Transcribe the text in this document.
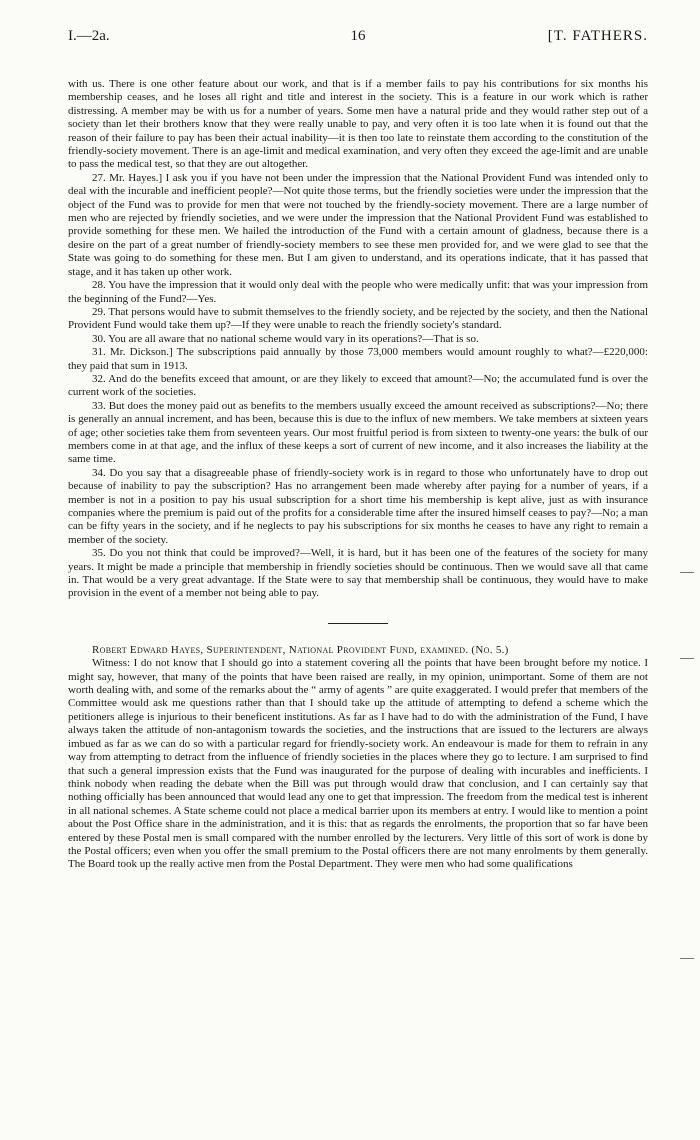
I.—2a.	16	[T. FATHERS.

with us. There is one other feature about our work, and that is if a member fails to pay his contributions for six months his membership ceases, and he loses all right and title and interest in the society. This is a feature in our work which is rather distressing. A member may be with us for a number of years. Some men have a natural pride and they would rather step out of a society than let their brothers know that they were really unable to pay, and very often it is too late when it is found out that the reason of their failure to pay has been their actual inability—it is then too late to reinstate them according to the constitution of the friendly-society movement. There is an age-limit and medical examination, and very often they exceed the age-limit and are unable to pass the medical test, so that they are out altogether.

27. Mr. Hayes.] I ask you if you have not been under the impression that the National Provident Fund was intended only to deal with the incurable and inefficient people?—Not quite those terms, but the friendly societies were under the impression that the object of the Fund was to provide for men that were not touched by the friendly-society movement. There are a large number of men who are rejected by friendly societies, and we were under the impression that the National Provident Fund was established to provide something for these men. We hailed the introduction of the Fund with a certain amount of gladness, because there is a desire on the part of a great number of friendly-society members to see these men provided for, and we were glad to see that the State was going to do something for these men. But I am given to understand, and its operations indicate, that it has passed that stage, and it has taken up other work.

28. You have the impression that it would only deal with the people who were medically unfit: that was your impression from the beginning of the Fund?—Yes.

29. That persons would have to submit themselves to the friendly society, and be rejected by the society, and then the National Provident Fund would take them up?—If they were unable to reach the friendly society's standard.

30. You are all aware that no national scheme would vary in its operations?—That is so.

31. Mr. Dickson.] The subscriptions paid annually by those 73,000 members would amount roughly to what?—£220,000: they paid that sum in 1913.

32. And do the benefits exceed that amount, or are they likely to exceed that amount?—No; the accumulated fund is over the current work of the societies.

33. But does the money paid out as benefits to the members usually exceed the amount received as subscriptions?—No; there is generally an annual increment, and has been, because this is due to the influx of new members. We take members at sixteen years of age; other societies take them from seventeen years. Our most fruitful period is from sixteen to twenty-one years: the bulk of our members come in at that age, and the influx of these keeps a sort of current of new income, and it also increases the liability at the same time.

34. Do you say that a disagreeable phase of friendly-society work is in regard to those who unfortunately have to drop out because of inability to pay the subscription? Has no arrangement been made whereby after paying for a number of years, if a member is not in a position to pay his usual subscription for a short time his membership is kept alive, just as with insurance companies where the premium is paid out of the profits for a considerable time after the insured himself ceases to pay?—No; a man can be fifty years in the society, and if he neglects to pay his subscriptions for six months he ceases to have any right to remain a member of the society.

35. Do you not think that could be improved?—Well, it is hard, but it has been one of the features of the society for many years. It might be made a principle that membership in friendly societies should be continuous. Then we would save all that came in. That would be a very great advantage. If the State were to say that membership shall be continuous, they would have to make provision in the event of a member not being able to pay.

Robert Edward Hayes, Superintendent, National Provident Fund, examined. (No. 5.)

Witness: I do not know that I should go into a statement covering all the points that have been brought before my notice. I might say, however, that many of the points that have been raised are really, in my opinion, unimportant. Some of them are not worth dealing with, and some of the remarks about the “ army of agents ” are quite exaggerated. I would prefer that members of the Committee would ask me questions rather than that I should take up the attitude of attempting to defend a scheme which the petitioners allege is injurious to their beneficent institutions. As far as I have had to do with the administration of the Fund, I have always taken the attitude of non-antagonism towards the societies, and the instructions that are issued to the lecturers are always imbued as far as we can do so with a particular regard for friendly-society work. An endeavour is made for them to refrain in any way from attempting to detract from the influence of friendly societies in the places where they go to lecture. I am surprised to find that such a general impression exists that the Fund was inaugurated for the purpose of dealing with incurables and inefficients. I think nobody when reading the debate when the Bill was put through would draw that conclusion, and I can certainly say that nothing officially has been announced that would lead any one to get that impression. The freedom from the medical test is inherent in all national schemes. A State scheme could not place a medical barrier upon its members at entry. I would like to mention a point about the Post Office share in the administration, and it is this: that as regards the enrolments, the proportion that so far have been entered by these Postal men is small compared with the number enrolled by the lecturers. Very little of this sort of work is done by the Postal officers; even when you offer the small premium to the Postal officers there are not many enrolments by them generally. The Board took up the really active men from the Postal Department. They were men who had some qualifications
